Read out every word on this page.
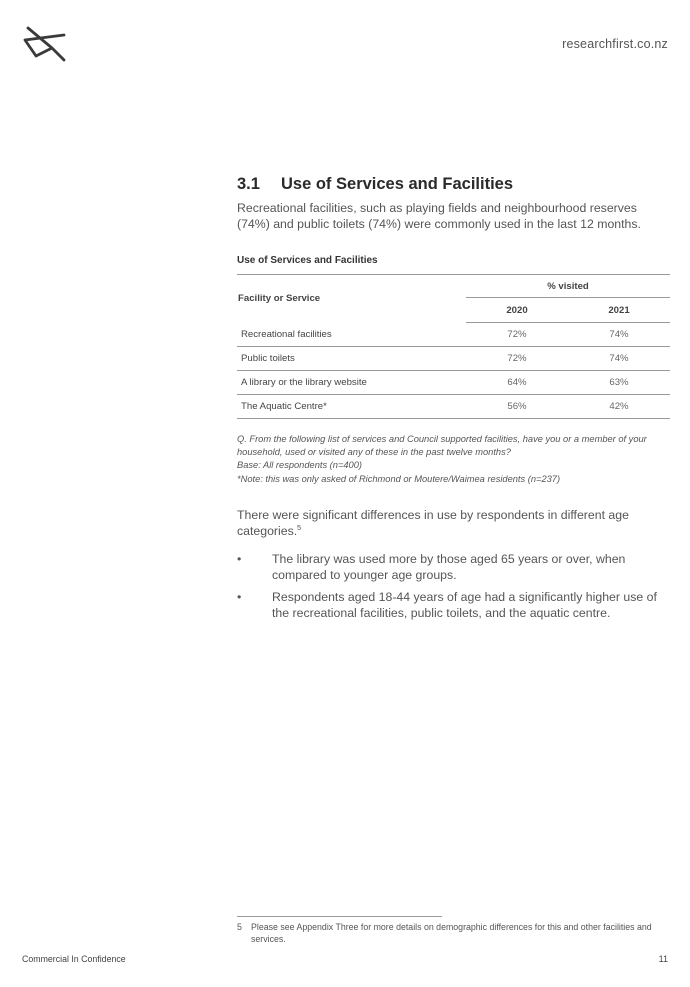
researchfirst.co.nz
3.1	Use of Services and Facilities

Recreational facilities, such as playing fields and neighbourhood reserves (74%) and public toilets (74%) were commonly used in the last 12 months.

Use of Services and Facilities
Facility or Service	% visited	
	2020	2021
Recreational facilities	72%	74%
Public toilets	72%	74%
A library or the library website	64%	63%
The Aquatic Centre*	56%	42%
Q. From the following list of services and Council supported facilities, have you or a member of your household, used or visited any of these in the past twelve months?
Base: All respondents (n=400)
*Note: this was only asked of Richmond or Moutere/Waimea residents (n=237)

There were significant differences in use by respondents in different age categories.$^5$

• The library was used more by those aged 65 years or over, when compared to younger age groups.
• Respondents aged 18-44 years of age had a significantly higher use of the recreational facilities, public toilets, and the aquatic centre.
5	Please see Appendix Three for more details on demographic differences for this and other facilities and services.
Commercial In Confidence	11
